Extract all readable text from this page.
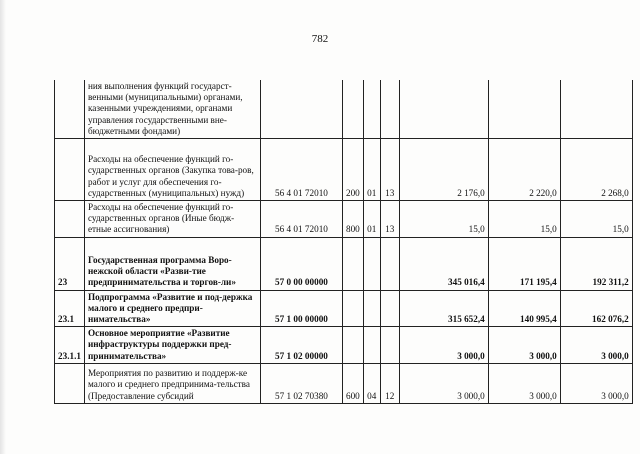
782
	ния выполнения функций государст-венными (муниципальными) органами, казенными учреждениями, органами управления государственными вне-бюджетными фондами)							
	Расходы на обеспечение функций го-сударственных органов (Закупка това-ров, работ и услуг для обеспечения го-сударственных (муниципальных) нужд)	56 4 01 72010	200	01	13	2 176,0	2 220,0	2 268,0
	Расходы на обеспечение функций го-сударственных органов (Иные бюдж-етные ассигнования)	56 4 01 72010	800	01	13	15,0	15,0	15,0
23	Государственная программа Воро-нежской области «Разви-тие предпринимательства и торгов-ли»	57 0 00 00000				345 016,4	171 195,4	192 311,2
23.1	Подпрограмма «Развитие и под-держка малого и среднего предпри-нимательства»	57 1 00 00000				315 652,4	140 995,4	162 076,2
23.1.1	Основное мероприятие «Развитие инфраструктуры поддержки пред-принимательства»	57 1 02 00000				3 000,0	3 000,0	3 000,0
	Мероприятия по развитию и поддерж-ке малого и среднего предпринима-тельства (Предоставление субсидий	57 1 02 70380	600	04	12	3 000,0	3 000,0	3 000,0
